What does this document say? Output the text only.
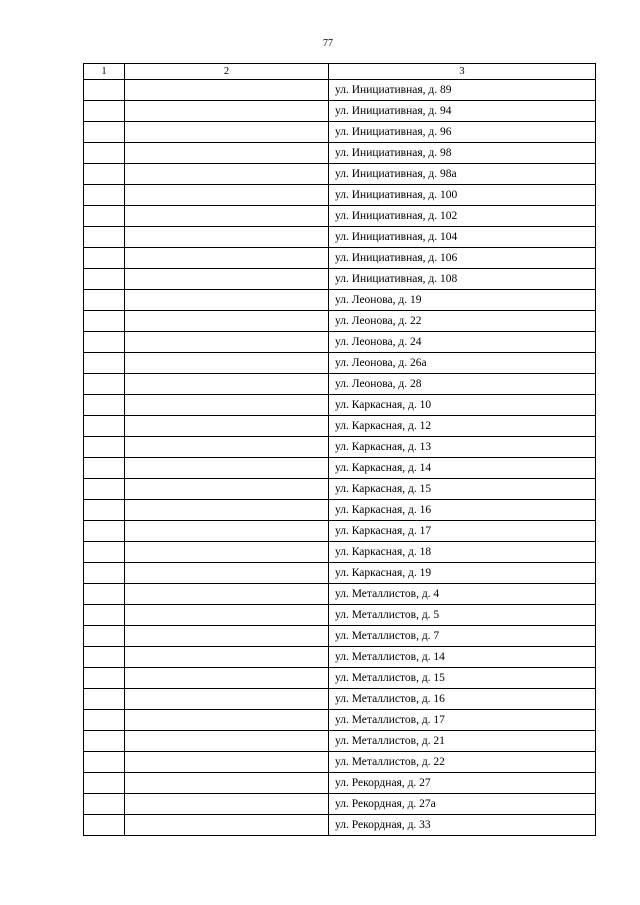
77
1	2	3
		ул. Инициативная, д. 89
		ул. Инициативная, д. 94
		ул. Инициативная, д. 96
		ул. Инициативная, д. 98
		ул. Инициативная, д. 98а
		ул. Инициативная, д. 100
		ул. Инициативная, д. 102
		ул. Инициативная, д. 104
		ул. Инициативная, д. 106
		ул. Инициативная, д. 108
		ул. Леонова, д. 19
		ул. Леонова, д. 22
		ул. Леонова, д. 24
		ул. Леонова, д. 26а
		ул. Леонова, д. 28
		ул. Каркасная, д. 10
		ул. Каркасная, д. 12
		ул. Каркасная, д. 13
		ул. Каркасная, д. 14
		ул. Каркасная, д. 15
		ул. Каркасная, д. 16
		ул. Каркасная, д. 17
		ул. Каркасная, д. 18
		ул. Каркасная, д. 19
		ул. Металлистов, д. 4
		ул. Металлистов, д. 5
		ул. Металлистов, д. 7
		ул. Металлистов, д. 14
		ул. Металлистов, д. 15
		ул. Металлистов, д. 16
		ул. Металлистов, д. 17
		ул. Металлистов, д. 21
		ул. Металлистов, д. 22
		ул. Рекордная, д. 27
		ул. Рекордная, д. 27а
		ул. Рекордная, д. 33
